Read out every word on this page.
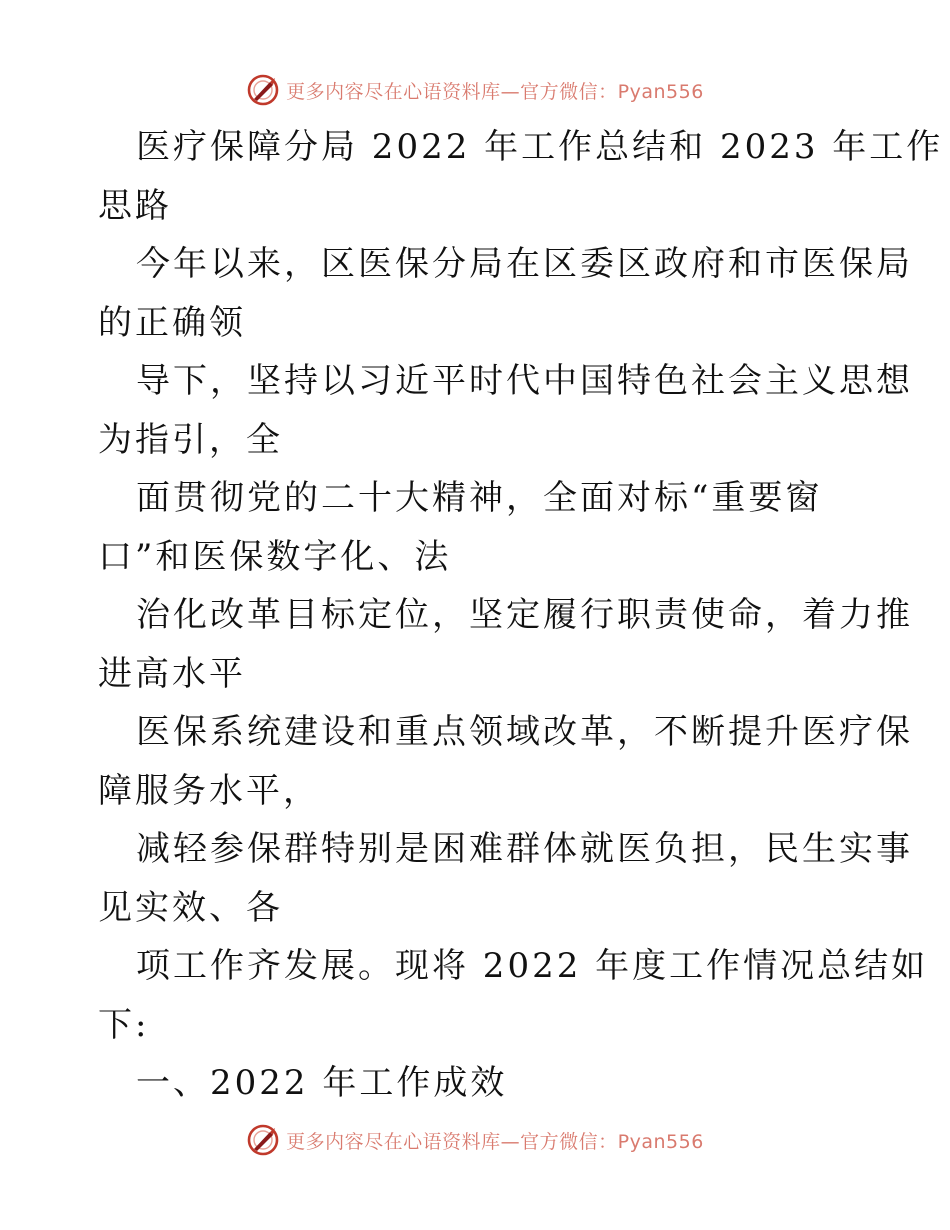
更多内容尽在心语资料库—官方微信：Pyan556
医疗保障分局 2022 年工作总结和 2023 年工作
思路
今年以来，区医保分局在区委区政府和市医保局
的正确领
导下，坚持以习近平时代中国特色社会主义思想
为指引，全
面贯彻党的二十大精神，全面对标“重要窗
口”和医保数字化、法
治化改革目标定位，坚定履行职责使命，着力推
进高水平
医保系统建设和重点领域改革，不断提升医疗保
障服务水平，
减轻参保群特别是困难群体就医负担，民生实事
见实效、各
项工作齐发展。现将 2022 年度工作情况总结如
下:
一、2022 年工作成效
更多内容尽在心语资料库—官方微信：Pyan556
